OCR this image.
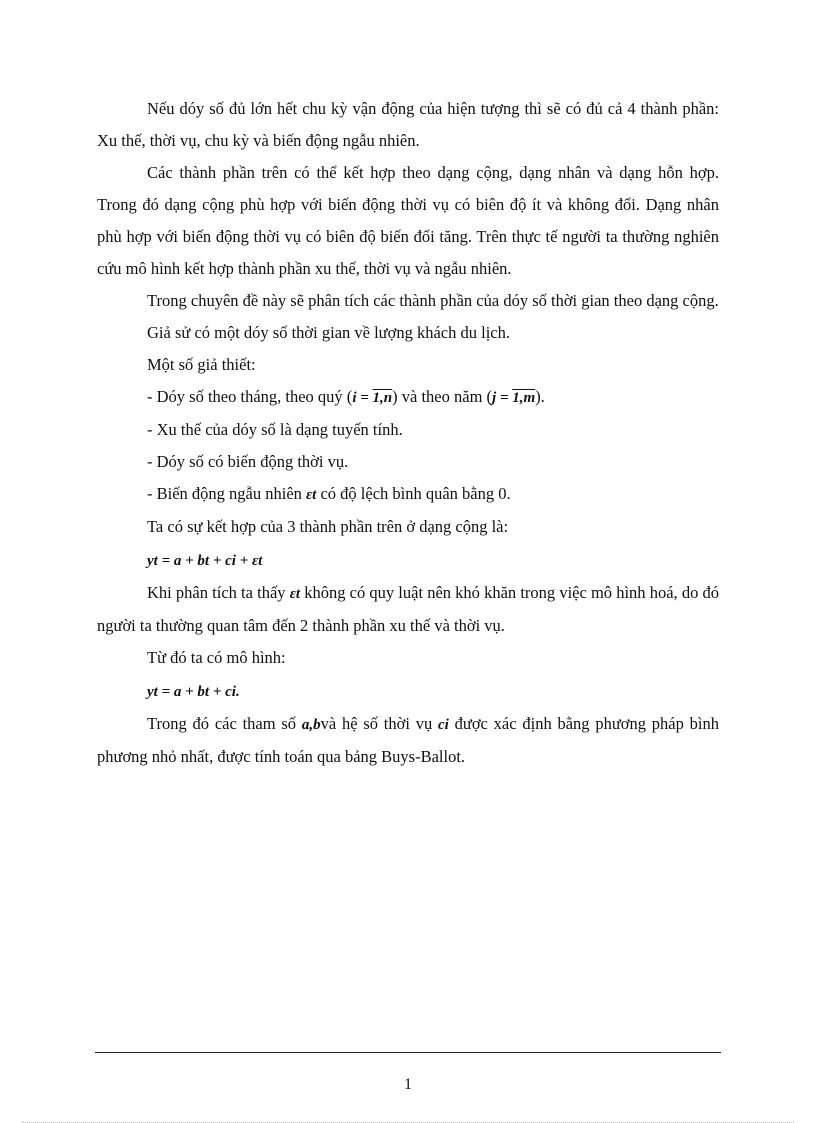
Nếu dóy số đủ lớn hết chu kỳ vận động của hiện tượng thì sẽ có đủ cả 4 thành phần: Xu thế, thời vụ, chu kỳ và biến động ngẫu nhiên.

Các thành phần trên có thể kết hợp theo dạng cộng, dạng nhân và dạng hỗn hợp. Trong đó dạng cộng phù hợp với biến động thời vụ có biên độ ít và không đổi. Dạng nhân phù hợp với biến động thời vụ có biên độ biến đổi tăng. Trên thực tế người ta thường nghiên cứu mô hình kết hợp thành phần xu thế, thời vụ và ngẫu nhiên.

Trong chuyên đề này sẽ phân tích các thành phần của dóy số thời gian theo dạng cộng.

Giả sử có một dóy số thời gian về lượng khách du lịch.

Một số giả thiết:

- Dóy số theo tháng, theo quý (i = 1,n) và theo năm (j = 1,m).

- Xu thế của dóy số là dạng tuyến tính.

- Dóy số có biến động thời vụ.

- Biến động ngẫu nhiên εt có độ lệch bình quân bằng 0.

Ta có sự kết hợp của 3 thành phần trên ở dạng cộng là:

yt = a + bt + ci + εt

Khi phân tích ta thấy εt không có quy luật nên khó khăn trong việc mô hình hoá, do đó người ta thường quan tâm đến 2 thành phần xu thế và thời vụ.

Từ đó ta có mô hình:

yt = a + bt + ci.

Trong đó các tham số a,bvà hệ số thời vụ ci được xác định bằng phương pháp bình phương nhỏ nhất, được tính toán qua bảng Buys-Ballot.

1
